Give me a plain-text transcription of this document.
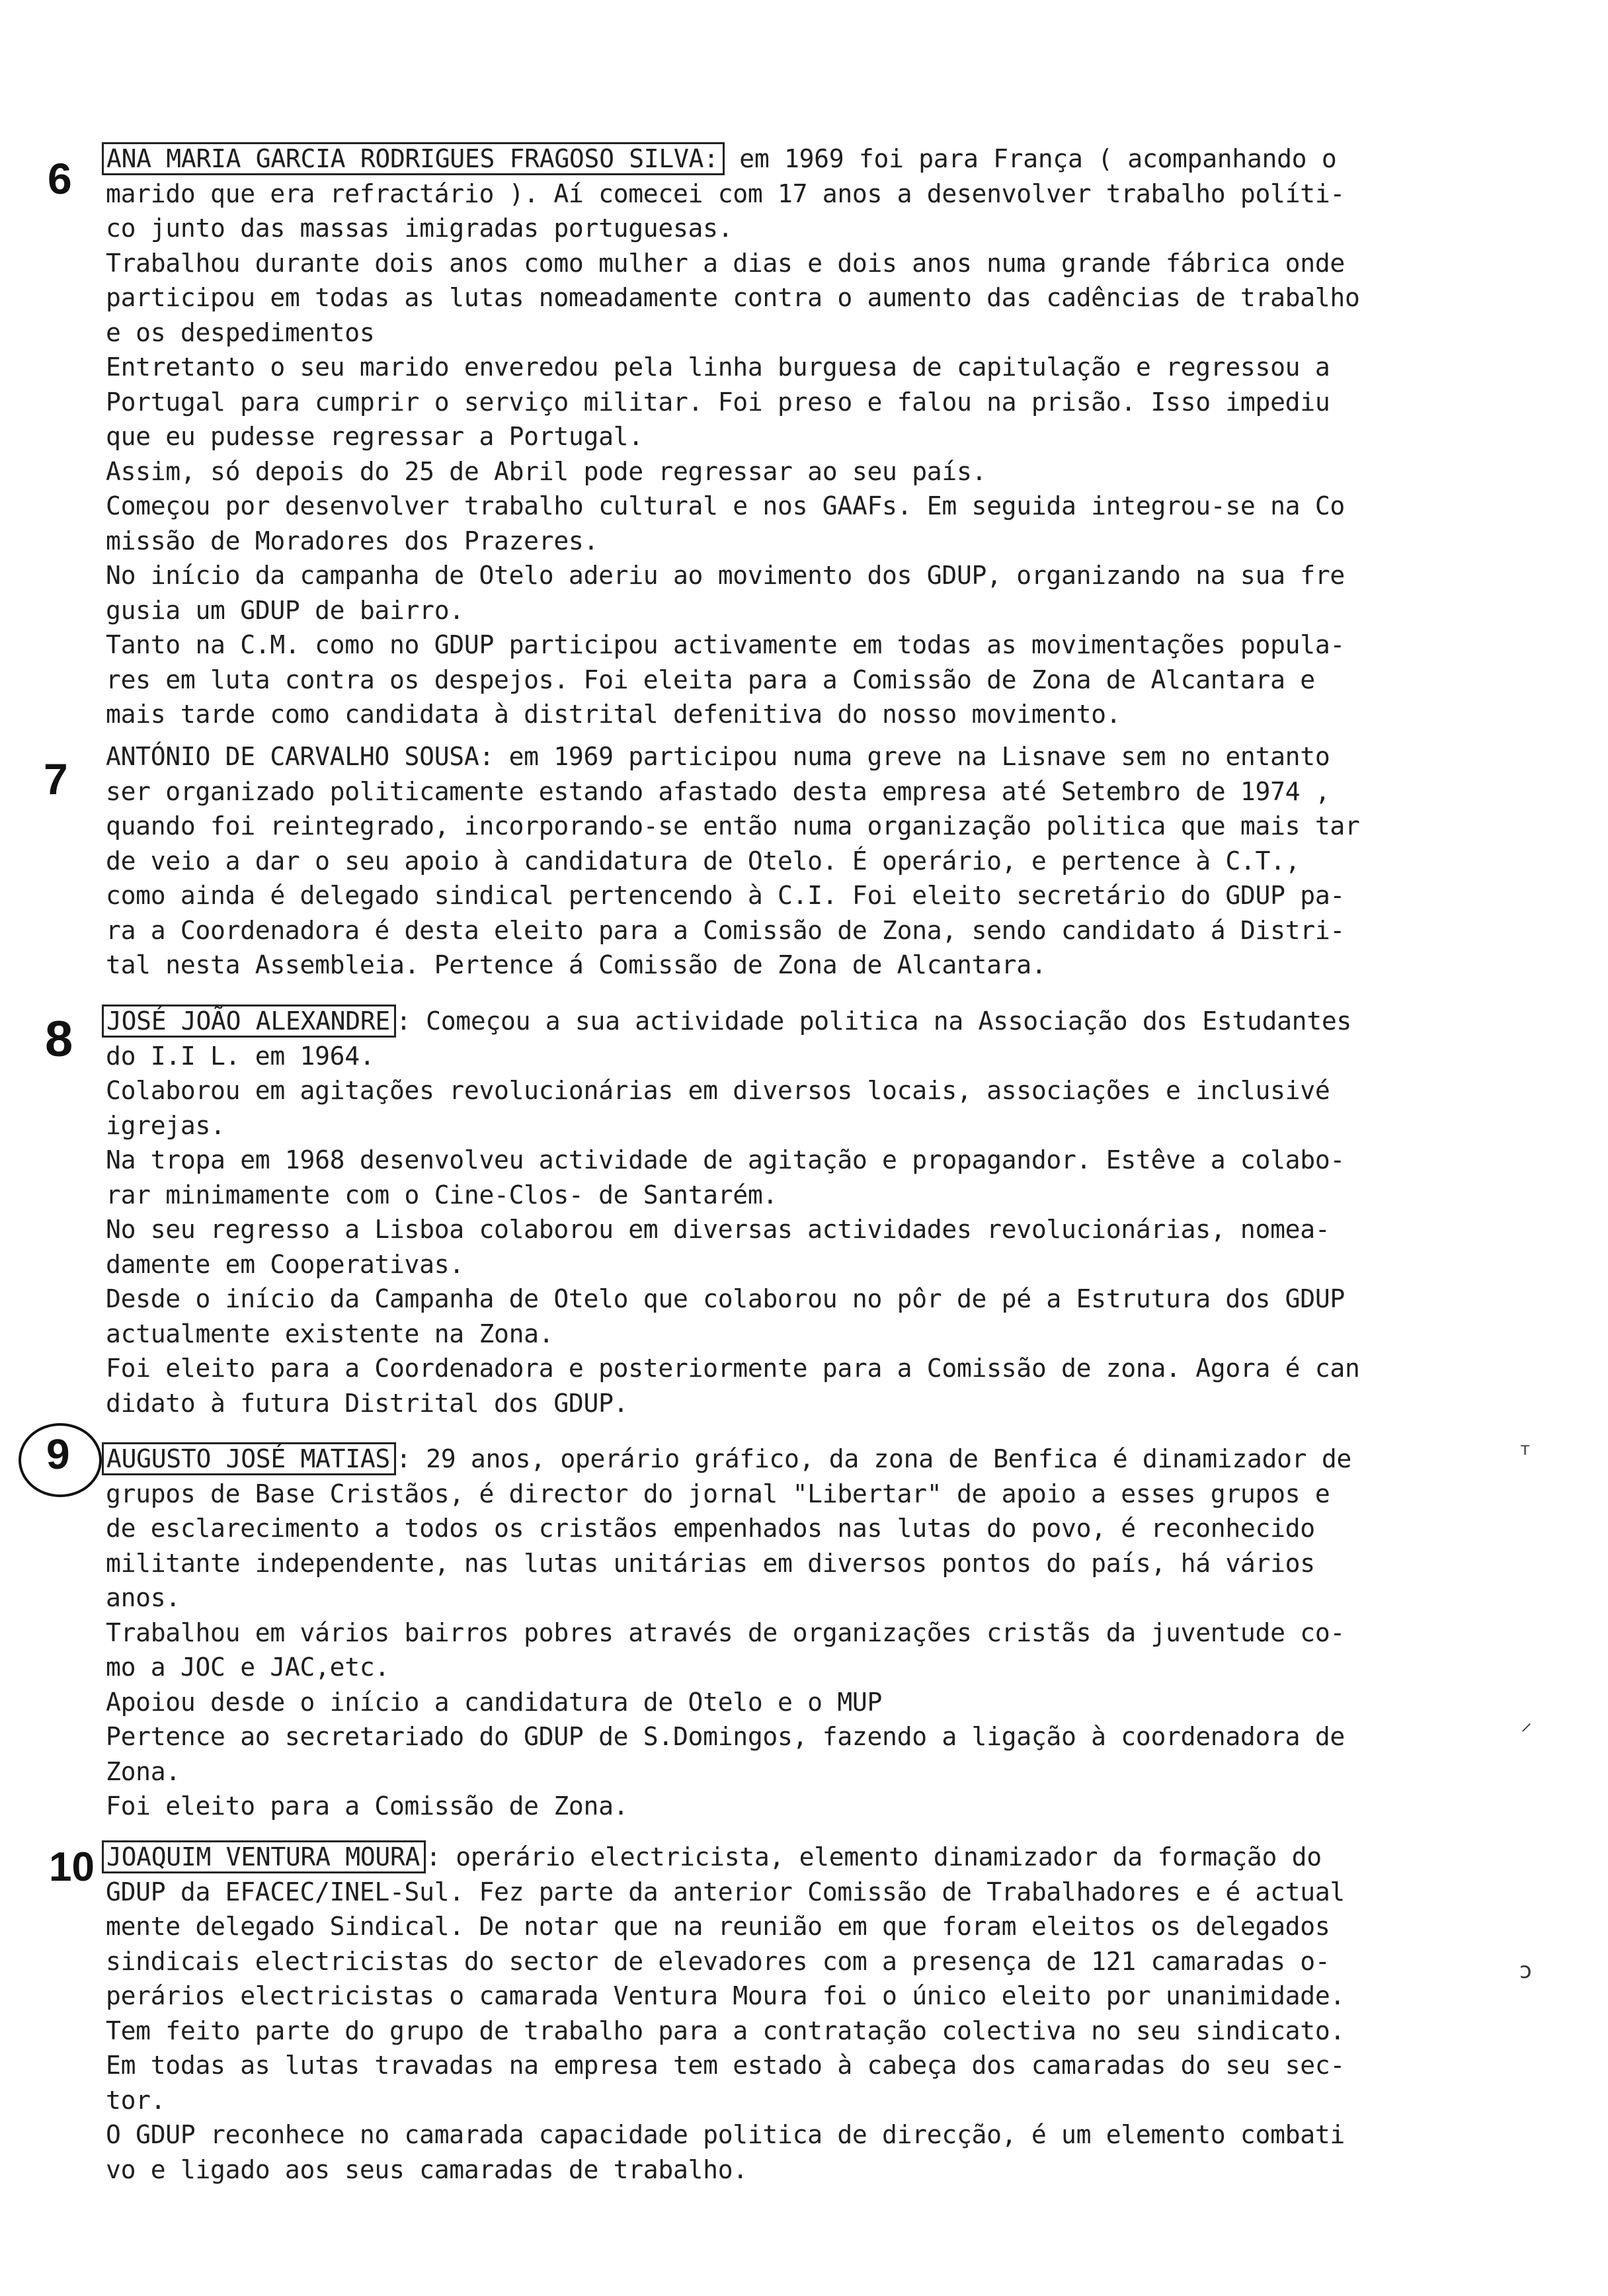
6 ANA MARIA GARCIA RODRIGUES FRAGOSO SILVA: em 1969 foi para França ( acompanhando o
marido que era refractário ). Aí comecei com 17 anos a desenvolver trabalho políti-
co junto das massas imigradas portuguesas.
Trabalhou durante dois anos como mulher a dias e dois anos numa grande fábrica onde
participou em todas as lutas nomeadamente contra o aumento das cadências de trabalho
e os despedimentos
Entretanto o seu marido enveredou pela linha burguesa de capitulação e regressou a
Portugal para cumprir o serviço militar. Foi preso e falou na prisão. Isso impediu
que eu pudesse regressar a Portugal.
Assim, só depois do 25 de Abril pode regressar ao seu país.
Começou por desenvolver trabalho cultural e nos GAAFs. Em seguida integrou-se na Co
missão de Moradores dos Prazeres.
No início da campanha de Otelo aderiu ao movimento dos GDUP, organizando na sua fre
gusia um GDUP de bairro.
Tanto na C.M. como no GDUP participou activamente em todas as movimentações popula-
res em luta contra os despejos. Foi eleita para a Comissão de Zona de Alcantara e
mais tarde como candidata à distrital defenitiva do nosso movimento.
7 ANTÓNIO DE CARVALHO SOUSA: em 1969 participou numa greve na Lisnave sem no entanto
ser organizado politicamente estando afastado desta empresa até Setembro de 1974 ,
quando foi reintegrado, incorporando-se então numa organização politica que mais tar
de veio a dar o seu apoio à candidatura de Otelo. É operário, e pertence à C.T.,
como ainda é delegado sindical pertencendo à C.I. Foi eleito secretário do GDUP pa-
ra a Coordenadora é desta eleito para a Comissão de Zona, sendo candidato á Distri-
tal nesta Assembleia. Pertence á Comissão de Zona de Alcantara.
8 JOSÉ JOÃO ALEXANDRE : Começou a sua actividade politica na Associação dos Estudantes
do I.I L. em 1964.
Colaborou em agitações revolucionárias em diversos locais, associações e inclusivé
igrejas.
Na tropa em 1968 desenvolveu actividade de agitação e propagandor. Estêve a colabo-
rar minimamente com o Cine-Clos- de Santarém.
No seu regresso a Lisboa colaborou em diversas actividades revolucionárias, nomea-
damente em Cooperativas.
Desde o início da Campanha de Otelo que colaborou no pôr de pé a Estrutura dos GDUP
actualmente existente na Zona.
Foi eleito para a Coordenadora e posteriormente para a Comissão de zona. Agora é can
didato à futura Distrital dos GDUP.
9 AUGUSTO JOSÉ MATIAS : 29 anos, operário gráfico, da zona de Benfica é dinamizador de
grupos de Base Cristãos, é director do jornal "Libertar" de apoio a esses grupos e
de esclarecimento a todos os cristãos empenhados nas lutas do povo, é reconhecido
militante independente, nas lutas unitárias em diversos pontos do país, há vários
anos.
Trabalhou em vários bairros pobres através de organizações cristãs da juventude co-
mo a JOC e JAC,etc.
Apoiou desde o início a candidatura de Otelo e o MUP
Pertence ao secretariado do GDUP de S.Domingos, fazendo a ligação à coordenadora de
Zona.
Foi eleito para a Comissão de Zona.
10 JOAQUIM VENTURA MOURA : operário electricista, elemento dinamizador da formação do
GDUP da EFACEC/INEL-Sul. Fez parte da anterior Comissão de Trabalhadores e é actual
mente delegado Sindical. De notar que na reunião em que foram eleitos os delegados
sindicais electricistas do sector de elevadores com a presença de 121 camaradas o-
perários electricistas o camarada Ventura Moura foi o único eleito por unanimidade.
Tem feito parte do grupo de trabalho para a contratação colectiva no seu sindicato.
Em todas as lutas travadas na empresa tem estado à cabeça dos camaradas do seu sec-
tor.
O GDUP reconhece no camarada capacidade politica de direcção, é um elemento combati
vo e ligado aos seus camaradas de trabalho.
ᵀ
⸝
ͻ
